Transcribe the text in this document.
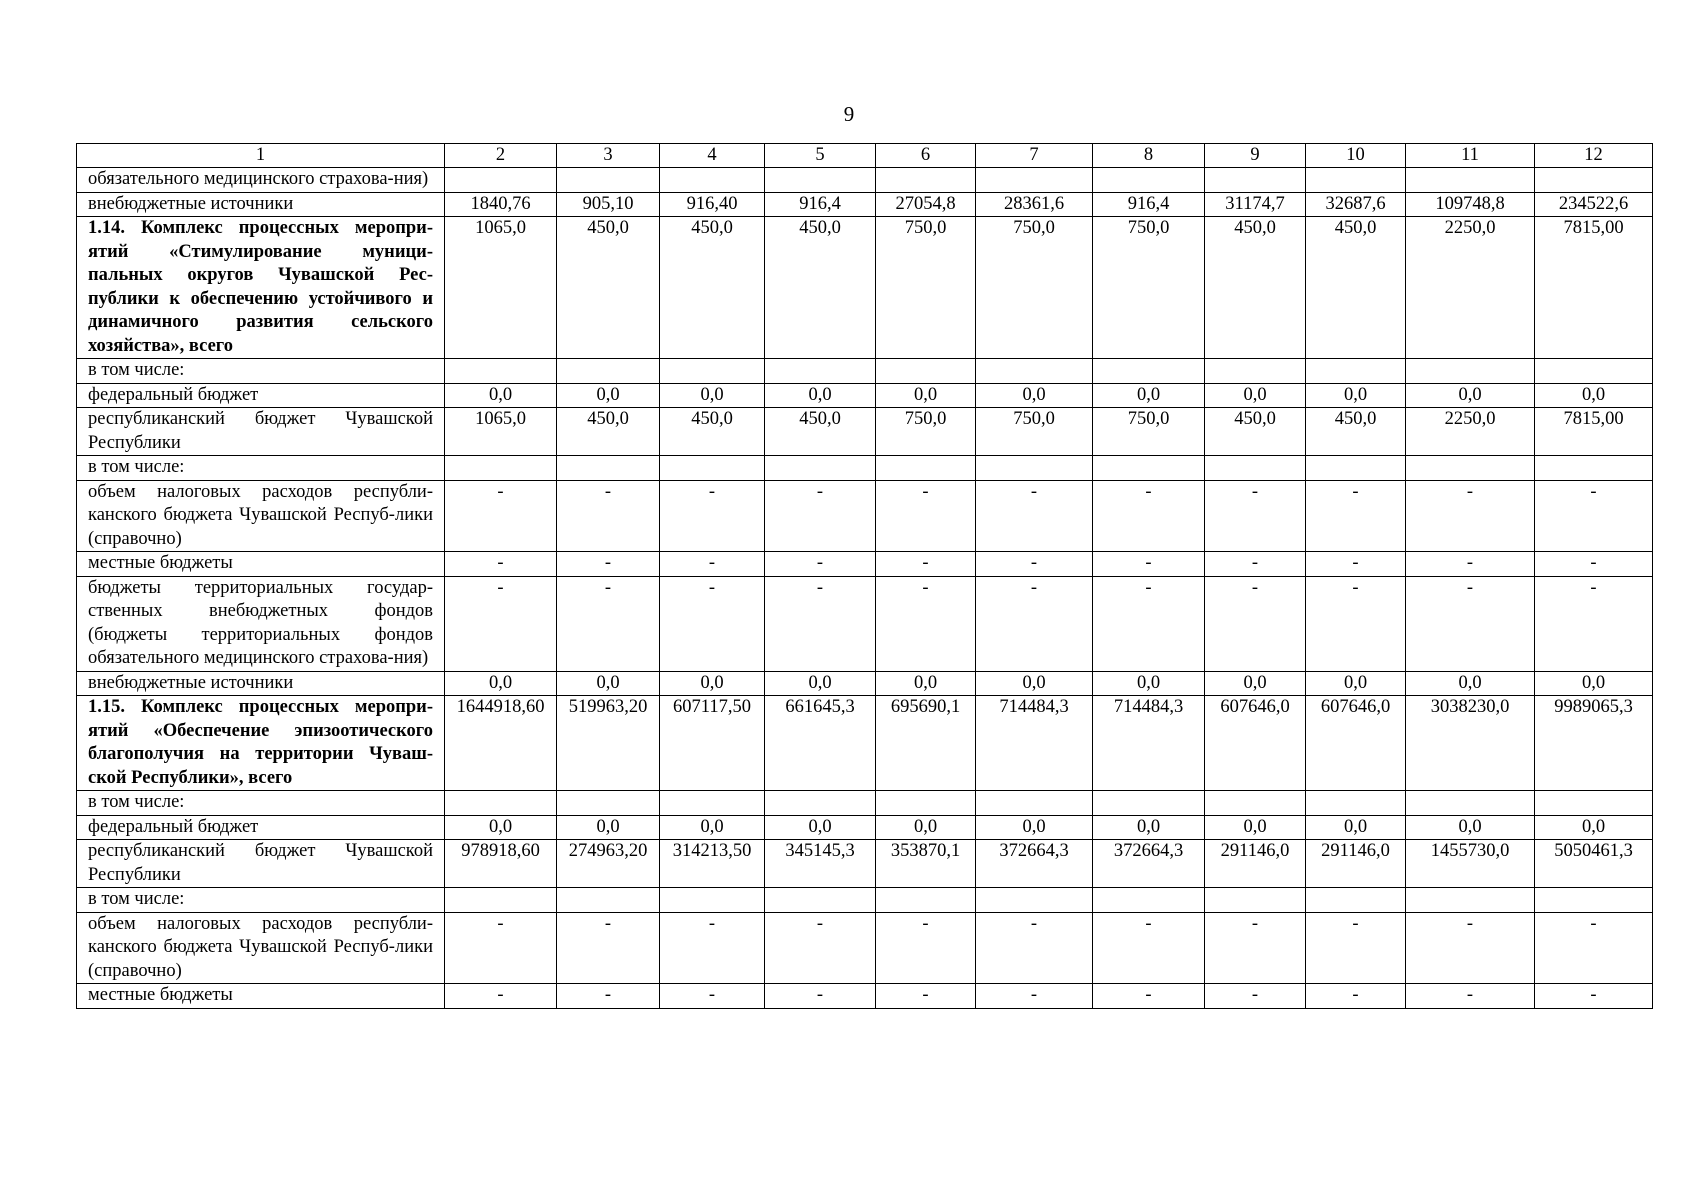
9
1	2	3	4	5	6	7	8	9	10	11	12
обязательного медицинского страхова-ния)											
внебюджетные источники	1840,76	905,10	916,40	916,4	27054,8	28361,6	916,4	31174,7	32687,6	109748,8	234522,6
1.14. Комплекс процессных меропри-ятий «Стимулирование муници-пальных округов Чувашской Рес-публики к обеспечению устойчивого и динамичного развития сельского хозяйства», всего	1065,0	450,0	450,0	450,0	750,0	750,0	750,0	450,0	450,0	2250,0	7815,00
в том числе:											
федеральный бюджет	0,0	0,0	0,0	0,0	0,0	0,0	0,0	0,0	0,0	0,0	0,0
республиканский бюджет Чувашской Республики	1065,0	450,0	450,0	450,0	750,0	750,0	750,0	450,0	450,0	2250,0	7815,00
в том числе:											
объем налоговых расходов республи-канского бюджета Чувашской Респуб-лики (справочно)	-	-	-	-	-	-	-	-	-	-	-
местные бюджеты	-	-	-	-	-	-	-	-	-	-	-
бюджеты территориальных государ-ственных внебюджетных фондов (бюджеты территориальных фондов обязательного медицинского страхова-ния)	-	-	-	-	-	-	-	-	-	-	-
внебюджетные источники	0,0	0,0	0,0	0,0	0,0	0,0	0,0	0,0	0,0	0,0	0,0
1.15. Комплекс процессных меропри-ятий «Обеспечение эпизоотического благополучия на территории Чуваш-ской Республики», всего	1644918,60	519963,20	607117,50	661645,3	695690,1	714484,3	714484,3	607646,0	607646,0	3038230,0	9989065,3
в том числе:											
федеральный бюджет	0,0	0,0	0,0	0,0	0,0	0,0	0,0	0,0	0,0	0,0	0,0
республиканский бюджет Чувашской Республики	978918,60	274963,20	314213,50	345145,3	353870,1	372664,3	372664,3	291146,0	291146,0	1455730,0	5050461,3
в том числе:											
объем налоговых расходов республи-канского бюджета Чувашской Респуб-лики (справочно)	-	-	-	-	-	-	-	-	-	-	-
местные бюджеты	-	-	-	-	-	-	-	-	-	-	-
